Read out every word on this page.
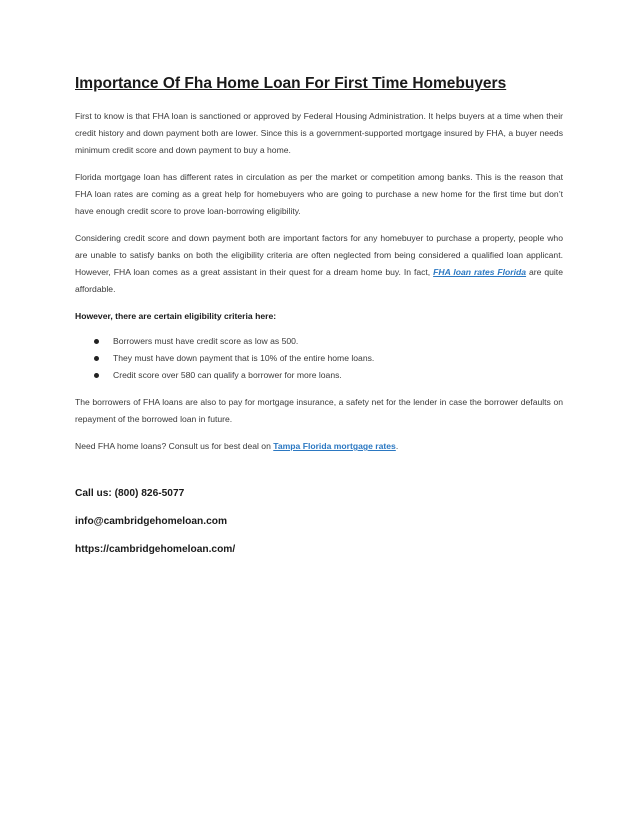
Importance Of Fha Home Loan For First Time Homebuyers

First to know is that FHA loan is sanctioned or approved by Federal Housing Administration. It helps buyers at a time when their credit history and down payment both are lower. Since this is a government-supported mortgage insured by FHA, a buyer needs minimum credit score and down payment to buy a home.

Florida mortgage loan has different rates in circulation as per the market or competition among banks. This is the reason that FHA loan rates are coming as a great help for homebuyers who are going to purchase a new home for the first time but don’t have enough credit score to prove loan-borrowing eligibility.

Considering credit score and down payment both are important factors for any homebuyer to purchase a property, people who are unable to satisfy banks on both the eligibility criteria are often neglected from being considered a qualified loan applicant. However, FHA loan comes as a great assistant in their quest for a dream home buy. In fact, FHA loan rates Florida are quite affordable.

However, there are certain eligibility criteria here:
Borrowers must have credit score as low as 500.
They must have down payment that is 10% of the entire home loans.
Credit score over 580 can qualify a borrower for more loans.

The borrowers of FHA loans are also to pay for mortgage insurance, a safety net for the lender in case the borrower defaults on repayment of the borrowed loan in future.

Need FHA home loans? Consult us for best deal on Tampa Florida mortgage rates.

Call us: (800) 826-5077
info@cambridgehomeloan.com
https://cambridgehomeloan.com/
